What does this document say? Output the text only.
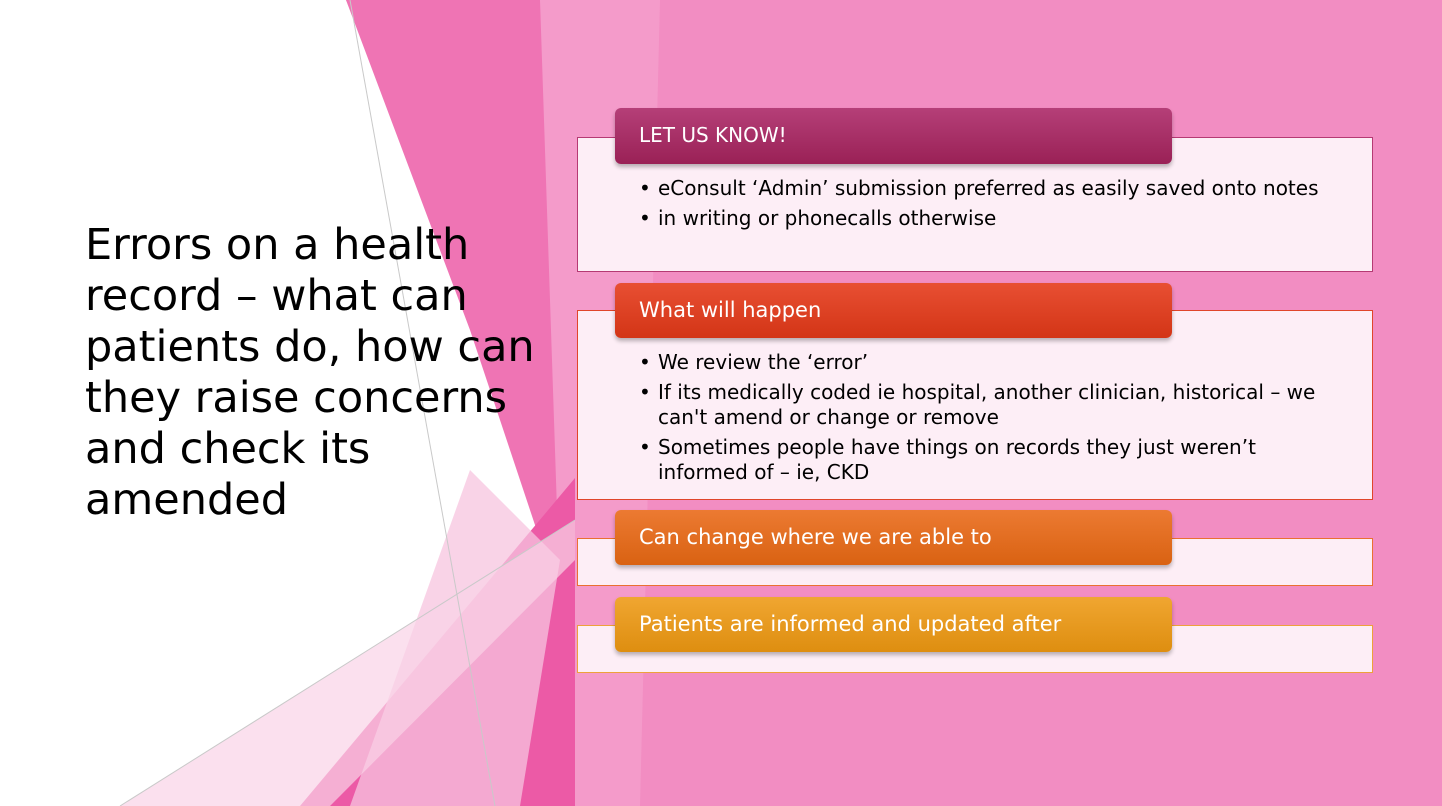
Errors on a health record – what can patients do, how can they raise concerns and check its amended
LET US KNOW!
• eConsult ‘Admin’ submission preferred as easily saved onto notes
• in writing or phonecalls otherwise
What will happen
• We review the ‘error’
• If its medically coded ie hospital, another clinician, historical – we can't amend or change or remove
• Sometimes people have things on records they just weren’t informed of – ie, CKD
Can change where we are able to
Patients are informed and updated after
